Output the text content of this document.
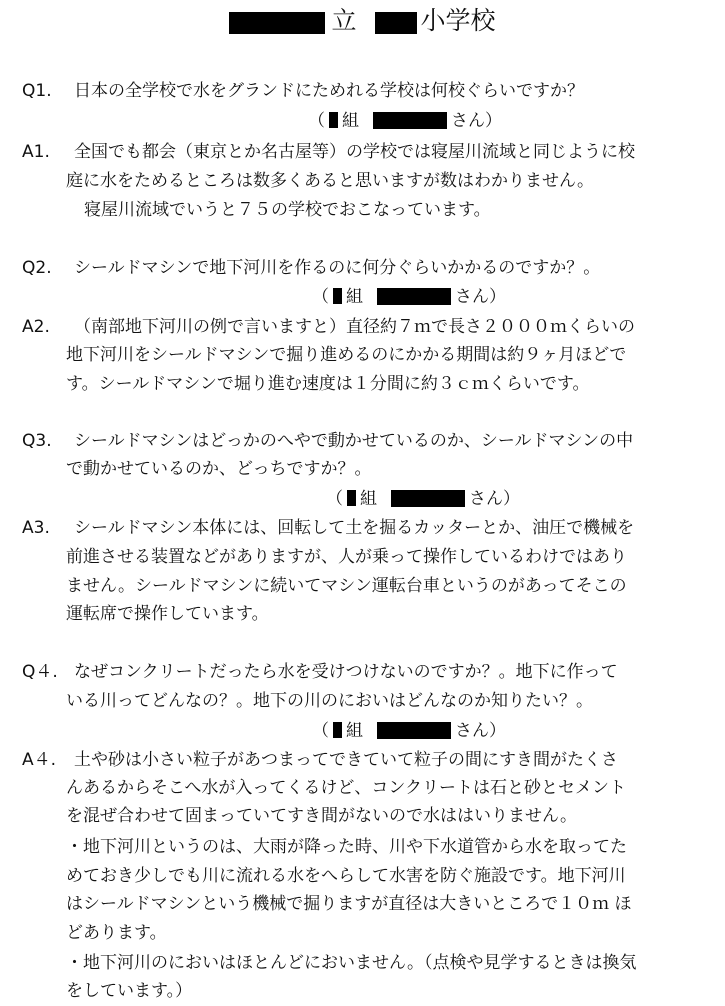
立	小学校
Q1. 日本の全学校で水をグランドにためれる学校は何校ぐらいですか？
（ 組	さん）
A1. 全国でも都会（東京とか名古屋等）の学校では寝屋川流域と同じように校
庭に水をためるところは数多くあると思いますが数はわかりません。
寝屋川流域でいうと７５の学校でおこなっています。
Q2. シールドマシンで地下河川を作るのに何分ぐらいかかるのですか？。
（ 組	さん）
A2. （南部地下河川の例で言いますと）直径約７ｍで長さ２０００ｍくらいの
地下河川をシールドマシンで掘り進めるのにかかる期間は約９ヶ月ほどで
す。シールドマシンで堀り進む速度は１分間に約３ｃｍくらいです。
Q3. シールドマシンはどっかのへやで動かせているのか、シールドマシンの中
で動かせているのか、どっちですか？。
（ 組	さん）
A3. シールドマシン本体には、回転して土を掘るカッターとか、油圧で機械を
前進させる装置などがありますが、人が乗って操作しているわけではあり
ません。シールドマシンに続いてマシン運転台車というのがあってそこの
運転席で操作しています。
Q４. なぜコンクリートだったら水を受けつけないのですか？。地下に作って
いる川ってどんなの？。地下の川のにおいはどんなのか知りたい？。
（ 組	さん）
A４. 土や砂は小さい粒子があつまってできていて粒子の間にすき間がたくさ
んあるからそこへ水が入ってくるけど、コンクリートは石と砂とセメント
を混ぜ合わせて固まっていてすき間がないので水ははいりません。
・地下河川というのは、大雨が降った時、川や下水道管から水を取ってた
めておき少しでも川に流れる水をへらして水害を防ぐ施設です。地下河川
はシールドマシンという機械で掘りますが直径は大きいところで１０ｍ ほ
どあります。
・地下河川のにおいはほとんどにおいません。（点検や見学するときは換気
をしています。）
